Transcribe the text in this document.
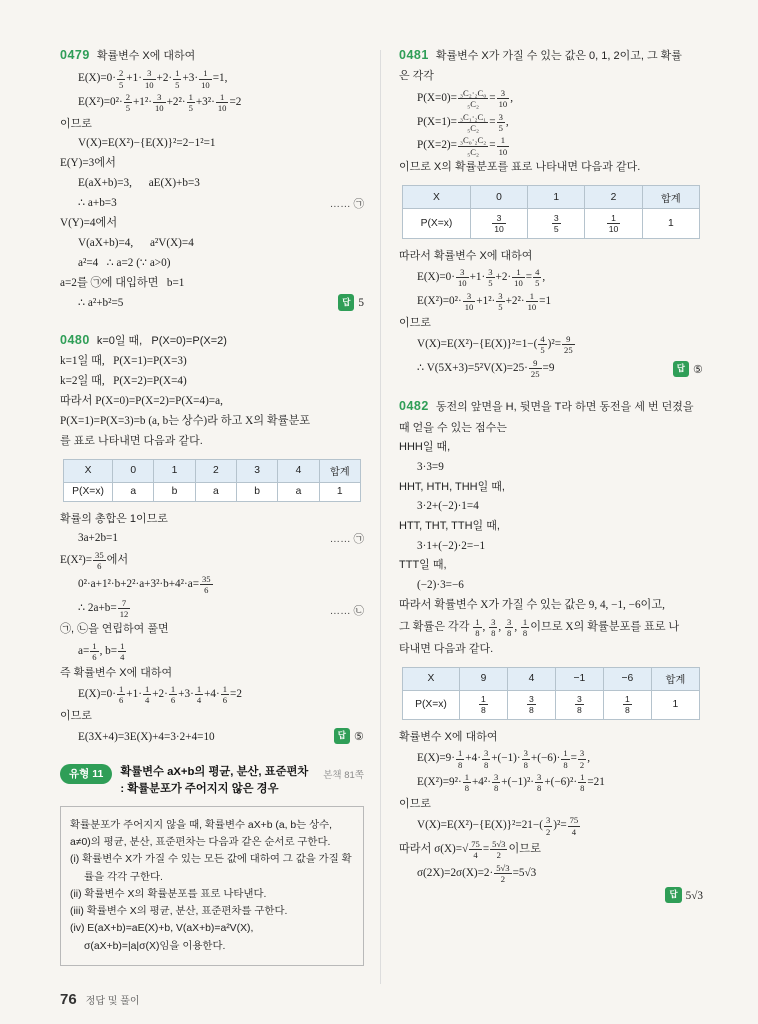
0479 확률변수 X에 대하여
$E(X)=0\cdot \frac{2}{5} +1\cdot \frac{3}{10} +2\cdot \frac{1}{5} +3\cdot \frac{1}{10} =1$,
$E(X^2)=0^2\cdot \frac{2}{5} +1^2\cdot \frac{3}{10} +2^2\cdot \frac{1}{5} +3^2\cdot \frac{1}{10} =2$
이므로
V(X)=E(X²)−{E(X)}²=2−1²=1
E(Y)=3에서
E(aX+b)=3,      aE(X)+b=3
∴ a+b=3	…… ㉠
V(Y)=4에서
V(aX+b)=4,      a²V(X)=4
a²=4   ∴ a=2 (∵ a>0)
a=2를 ㉠에 대입하면   b=1
∴ a²+b²=5	답 5
0480 k=0일 때,   P(X=0)=P(X=2)
k=1일 때,   P(X=1)=P(X=3)
k=2일 때,   P(X=2)=P(X=4)
따라서 P(X=0)=P(X=2)=P(X=4)=a,
P(X=1)=P(X=3)=b (a, b는 상수)라 하고 X의 확률분포
를 표로 나타내면 다음과 같다.
X	0	1	2	3	4	합계
P(X=x)	a	b	a	b	a	1
확률의 총합은 1이므로
3a+2b=1	…… ㉠
$E(X^2)= \frac{35}{6}$ 에서
$0^2\cdot a+1^2\cdot b+2^2\cdot a+3^2\cdot b+4^2\cdot a= \frac{35}{6}$
∴ $2a+b= \frac{7}{12}$	…… ㉡
㉠, ㉡을 연립하여 풀면
$a= \frac{1}{6}$ , $b= \frac{1}{4}$
즉 확률변수 X에 대하여
$E(X)=0\cdot \frac{1}{6} +1\cdot \frac{1}{4} +2\cdot \frac{1}{6} +3\cdot \frac{1}{4} +4\cdot \frac{1}{6} =2$
이므로
E(3X+4)=3E(X)+4=3·2+4=10	답 ⑤
유형 11	확률변수 aX+b의 평균, 분산, 표준편차
: 확률분포가 주어지지 않은 경우
본책 81쪽
확률분포가 주어지지 않을 때, 확률변수 aX+b (a, b는 상수,
a≠0)의 평균, 분산, 표준편차는 다음과 같은 순서로 구한다.
(i) 확률변수 X가 가질 수 있는 모든 값에 대하여 그 값을 가질 확
률을 각각 구한다.
(ii) 확률변수 X의 확률분포를 표로 나타낸다.
(iii) 확률변수 X의 평균, 분산, 표준편차를 구한다.
(iv) E(aX+b)=aE(X)+b, V(aX+b)=a²V(X),
σ(aX+b)=|a|σ(X)임을 이용한다.
0481 확률변수 X가 가질 수 있는 값은 0, 1, 2이고, 그 확률
은 각각
$P(X=0)= \frac{\text{₃C₂·₂C₀}}{\text{₅C₂}} = \frac{3}{10}$ ,
$P(X=1)= \frac{\text{₃C₁·₂C₁}}{\text{₅C₂}} = \frac{3}{5}$ ,
$P(X=2)= \frac{\text{₃C₀·₂C₂}}{\text{₅C₂}} = \frac{1}{10}$
이므로 X의 확률분포를 표로 나타내면 다음과 같다.
X	0	1	2	합계
P(X=x)	$\frac{3}{10}$	$\frac{3}{5}$	$\frac{1}{10}$	1
따라서 확률변수 X에 대하여
$E(X)=0\cdot \frac{3}{10} +1\cdot \frac{3}{5} +2\cdot \frac{1}{10} = \frac{4}{5}$ ,
$E(X^2)=0^2\cdot \frac{3}{10} +1^2\cdot \frac{3}{5} +2^2\cdot \frac{1}{10} =1$
이므로
$V(X)=E(X^2)-\{E(X)\}^2=1-( \frac{4}{5} )^2= \frac{9}{25}$
∴ $V(5X+3)=5^2V(X)=25\cdot \frac{9}{25} =9$	답 ⑤
0482 동전의 앞면을 H, 뒷면을 T라 하면 동전을 세 번 던졌을
때 얻을 수 있는 점수는
HHH일 때,
3·3=9
HHT, HTH, THH일 때,
3·2+(−2)·1=4
HTT, THT, TTH일 때,
3·1+(−2)·2=−1
TTT일 때,
(−2)·3=−6
따라서 확률변수 X가 가질 수 있는 값은 9, 4, −1, −6이고,
그 확률은 각각 $\frac{1}{8}$ , $\frac{3}{8}$ , $\frac{3}{8}$ , $\frac{1}{8}$ 이므로 X의 확률분포를 표로 나
타내면 다음과 같다.
X	9	4	−1	−6	합계
P(X=x)	$\frac{1}{8}$	$\frac{3}{8}$	$\frac{3}{8}$	$\frac{1}{8}$	1
확률변수 X에 대하여
$E(X)=9\cdot \frac{1}{8} +4\cdot \frac{3}{8} +(-1)\cdot \frac{3}{8} +(-6)\cdot \frac{1}{8} = \frac{3}{2}$ ,
$E(X^2)=9^2\cdot \frac{1}{8} +4^2\cdot \frac{3}{8} +(-1)^2\cdot \frac{3}{8} +(-6)^2\cdot \frac{1}{8} =21$
이므로
$V(X)=E(X^2)-\{E(X)\}^2=21-( \frac{3}{2} )^2= \frac{75}{4}$
따라서 $\sigma(X)=√ \frac{75}{4} = \frac{5√3}{2}$ 이므로
$\sigma(2X)=2\sigma(X)=2\cdot \frac{5√3}{2} =5√3$
답 5√3
76 정답 및 풀이
